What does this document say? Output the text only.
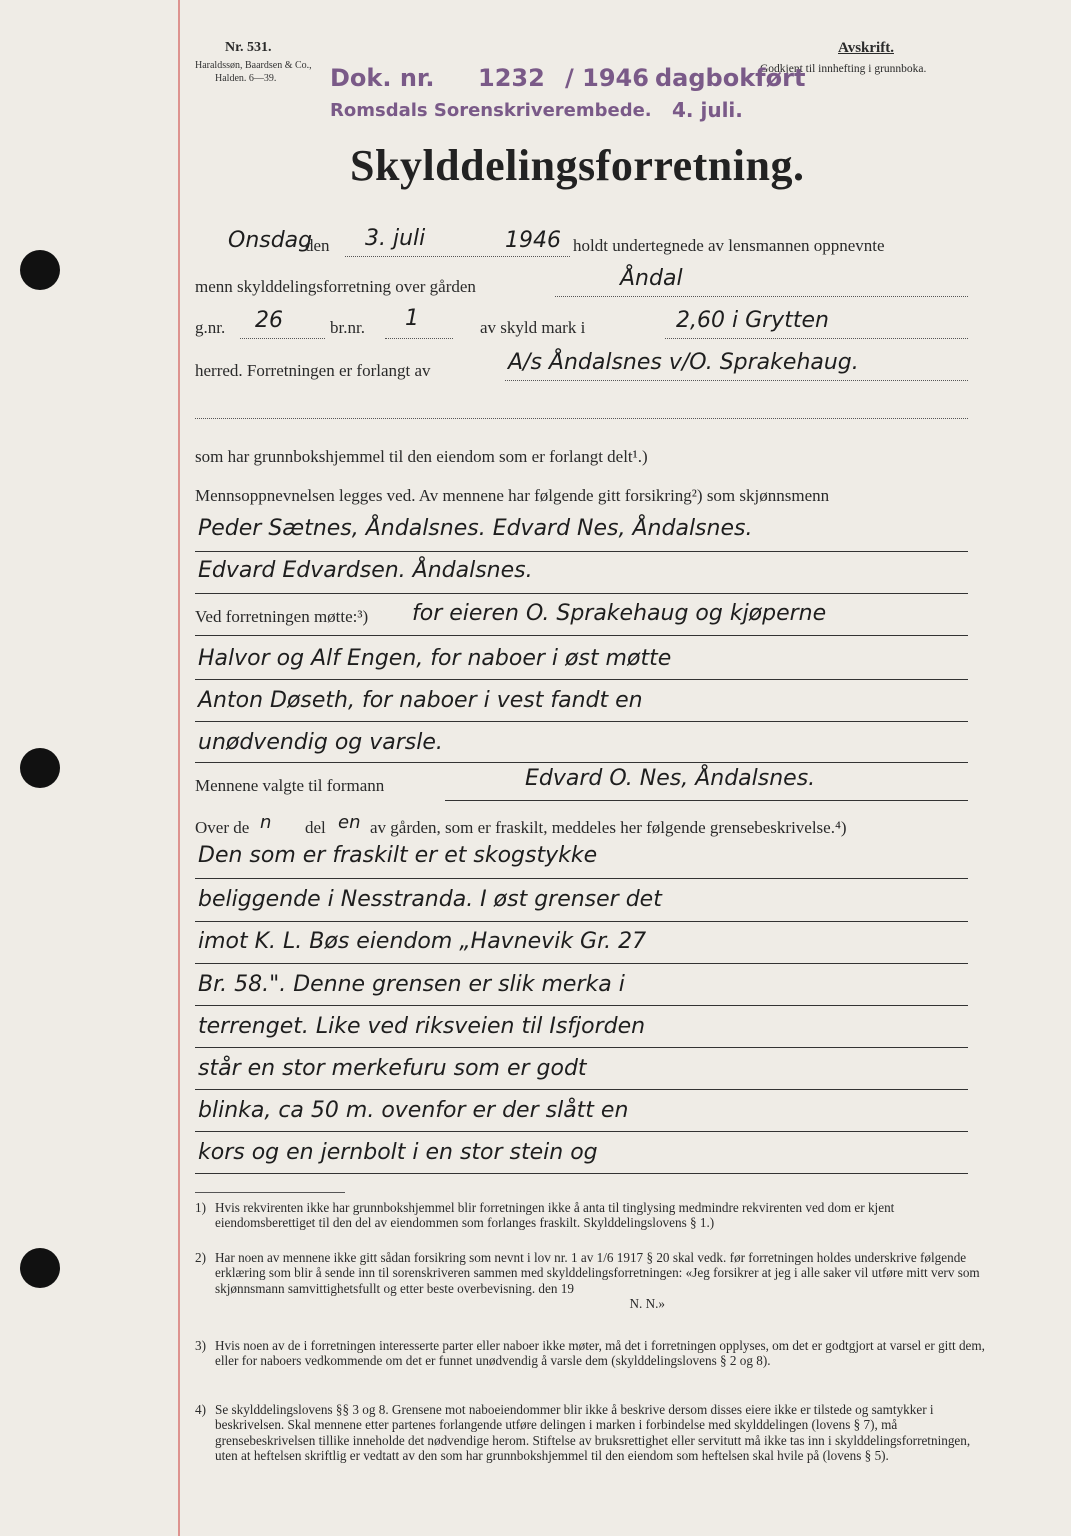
Nr. 531.
Haraldssøn, Baardsen & Co.,
Halden. 6—39.
Avskrift.
Godkjent til innhefting i grunnboka.
Dok. nr. 1232 / 1946 dagbokført
Romsdals Sorenskriverembede. 4. juli.
Skylddelingsforretning.
Onsdag
den 3. juli	1946 holdt undertegnede av lensmannen oppnevnte
menn skylddelingsforretning over gården	Åndal
g.nr. 26	br.nr. 1	av skyld mark i	2,60 i Grytten
herred. Forretningen er forlangt av	A/s Åndalsnes v/O. Sprakehaug.
som har grunnbokshjemmel til den eiendom som er forlangt delt¹.)
Mennsoppnevnelsen legges ved. Av mennene har følgende gitt forsikring²) som skjønnsmenn
Peder Sætnes, Åndalsnes. Edvard Nes, Åndalsnes.
Edvard Edvardsen. Åndalsnes.
Ved forretningen møtte:³) for eieren O. Sprakehaug og kjøperne
Halvor og Alf Engen, for naboer i øst møtte
Anton Døseth, for naboer i vest fandt en
unødvendig og varsle.
Mennene valgte til formann	Edvard O. Nes, Åndalsnes.
Over de n del en av gården, som er fraskilt, meddeles her følgende grensebeskrivelse.⁴)
Den som er fraskilt er et skogstykke
beliggende i Nesstranda. I øst grenser det
imot K. L. Bøs eiendom „Havnevik Gr. 27
Br. 58.". Denne grensen er slik merka i
terrenget. Like ved riksveien til Isfjorden
står en stor merkefuru som er godt
blinka, ca 50 m. ovenfor er der slått en
kors og en jernbolt i en stor stein og
1) Hvis rekvirenten ikke har grunnbokshjemmel blir forretningen ikke å anta til tinglysing medmindre rekvirenten ved dom er kjent eiendomsberettiget til den del av eiendommen som forlanges fraskilt. Skylddelingslovens § 1.)
2) Har noen av mennene ikke gitt sådan forsikring som nevnt i lov nr. 1 av 1/6 1917 § 20 skal vedk. før forretningen holdes underskrive følgende erklæring som blir å sende inn til sorenskriveren sammen med skylddelingsforretningen: «Jeg forsikrer at jeg i alle saker vil utføre mitt verv som skjønnsmann samvittighetsfullt og etter beste overbevisning. den 19
N. N.»
3) Hvis noen av de i forretningen interesserte parter eller naboer ikke møter, må det i forretningen opplyses, om det er godtgjort at varsel er gitt dem, eller for naboers vedkommende om det er funnet unødvendig å varsle dem (skylddelingslovens § 2 og 8).
4) Se skylddelingslovens §§ 3 og 8. Grensene mot naboeiendommer blir ikke å beskrive dersom disses eiere ikke er tilstede og samtykker i beskrivelsen. Skal mennene etter partenes forlangende utføre delingen i marken i forbindelse med skylddelingen (lovens § 7), må grensebeskrivelsen tillike inneholde det nødvendige herom. Stiftelse av bruksrettighet eller servitutt må ikke tas inn i skylddelingsforretningen, uten at heftelsen skriftlig er vedtatt av den som har grunnbokshjemmel til den eiendom som heftelsen skal hvile på (lovens § 5).
